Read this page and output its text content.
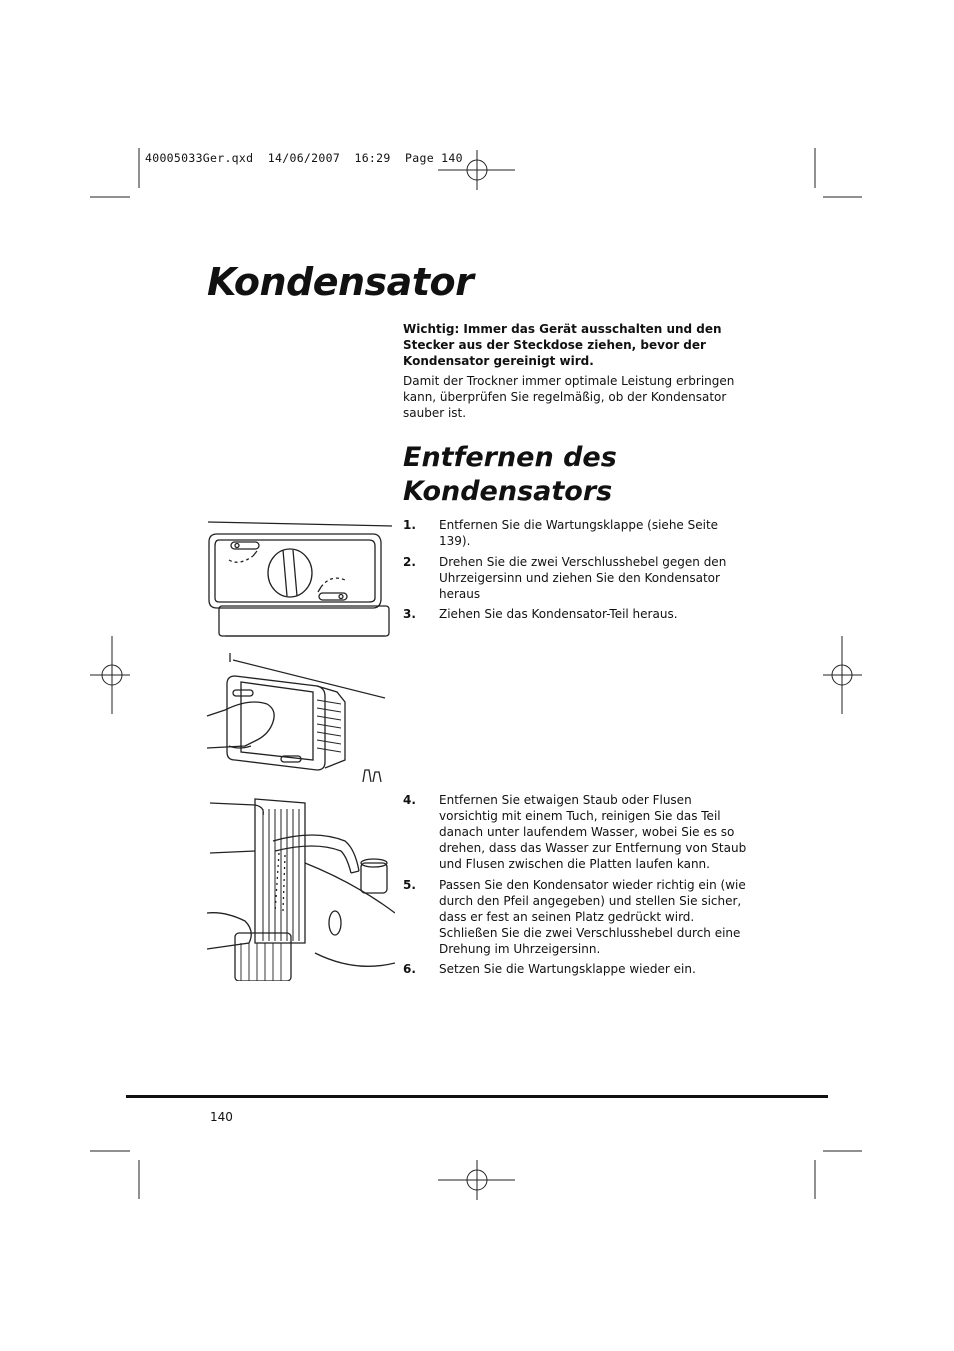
40005033Ger.qxd  14/06/2007  16:29  Page 140
Kondensator
Wichtig: Immer das Gerät ausschalten und den Stecker aus der Steckdose ziehen, bevor der Kondensator gereinigt wird.
Damit der Trockner immer optimale Leistung erbringen kann, überprüfen Sie regelmäßig, ob der Kondensator sauber ist.
Entfernen des
Kondensators
1. Entfernen Sie die Wartungsklappe (siehe Seite 139).
2. Drehen Sie die zwei Verschlusshebel gegen den Uhrzeigersinn und ziehen Sie den Kondensator heraus
3. Ziehen Sie das Kondensator-Teil heraus.
4. Entfernen Sie etwaigen Staub oder Flusen vorsichtig mit einem Tuch, reinigen Sie das Teil danach unter laufendem Wasser, wobei Sie es so drehen, dass das Wasser zur Entfernung von Staub und Flusen zwischen die Platten laufen kann.
5. Passen Sie den Kondensator wieder richtig ein (wie durch den Pfeil angegeben) und stellen Sie sicher, dass er fest an seinen Platz gedrückt wird. Schließen Sie die zwei Verschlusshebel durch eine Drehung im Uhrzeigersinn.
6. Setzen Sie die Wartungsklappe wieder ein.
140
